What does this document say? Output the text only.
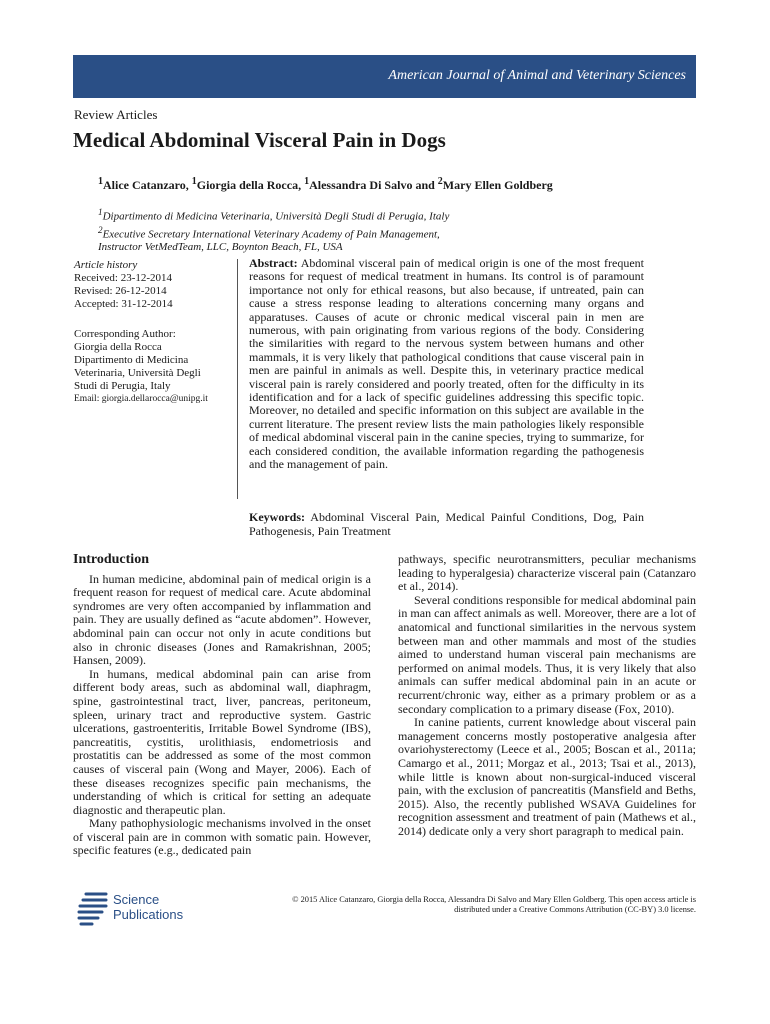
American Journal of Animal and Veterinary Sciences
Review Articles
Medical Abdominal Visceral Pain in Dogs
$^1$Alice Catanzaro, $^1$Giorgia della Rocca, $^1$Alessandra Di Salvo and $^2$Mary Ellen Goldberg
$^1$Dipartimento di Medicina Veterinaria, Università Degli Studi di Perugia, Italy
$^2$Executive Secretary International Veterinary Academy of Pain Management,
Instructor VetMedTeam, LLC, Boynton Beach, FL, USA
Article history
Received: 23-12-2014
Revised: 26-12-2014
Accepted: 31-12-2014
Corresponding Author:
Giorgia della Rocca
Dipartimento di Medicina
Veterinaria, Università Degli
Studi di Perugia, Italy
Email: giorgia.dellarocca@unipg.it

Abstract: Abdominal visceral pain of medical origin is one of the most frequent reasons for request of medical treatment in humans. Its control is of paramount importance not only for ethical reasons, but also because, if untreated, pain can cause a stress response leading to alterations concerning many organs and apparatuses. Causes of acute or chronic medical visceral pain in men are numerous, with pain originating from various regions of the body. Considering the similarities with regard to the nervous system between humans and other mammals, it is very likely that pathological conditions that cause visceral pain in men are painful in animals as well. Despite this, in veterinary practice medical visceral pain is rarely considered and poorly treated, often for the difficulty in its identification and for a lack of specific guidelines addressing this specific topic. Moreover, no detailed and specific information on this subject are available in the current literature. The present review lists the main pathologies likely responsible of medical abdominal visceral pain in the canine species, trying to summarize, for each considered condition, the available information regarding the pathogenesis and the management of pain.

Keywords: Abdominal Visceral Pain, Medical Painful Conditions, Dog, Pain Pathogenesis, Pain Treatment

Introduction

In human medicine, abdominal pain of medical origin is a frequent reason for request of medical care. Acute abdominal syndromes are very often accompanied by inflammation and pain. They are usually defined as “acute abdomen”. However, abdominal pain can occur not only in acute conditions but also in chronic diseases (Jones and Ramakrishnan, 2005; Hansen, 2009).

In humans, medical abdominal pain can arise from different body areas, such as abdominal wall, diaphragm, spine, gastrointestinal tract, liver, pancreas, peritoneum, spleen, urinary tract and reproductive system. Gastric ulcerations, gastroenteritis, Irritable Bowel Syndrome (IBS), pancreatitis, cystitis, urolithiasis, endometriosis and prostatitis can be addressed as some of the most common causes of visceral pain (Wong and Mayer, 2006). Each of these diseases recognizes specific pain mechanisms, the understanding of which is critical for setting an adequate diagnostic and therapeutic plan.

Many pathophysiologic mechanisms involved in the onset of visceral pain are in common with somatic pain. However, specific features (e.g., dedicated pain

pathways, specific neurotransmitters, peculiar mechanisms leading to hyperalgesia) characterize visceral pain (Catanzaro et al., 2014).

Several conditions responsible for medical abdominal pain in man can affect animals as well. Moreover, there are a lot of anatomical and functional similarities in the nervous system between man and other mammals and most of the studies aimed to understand human visceral pain mechanisms are performed on animal models. Thus, it is very likely that also animals can suffer medical abdominal pain in an acute or recurrent/chronic way, either as a primary problem or as a secondary complication to a primary disease (Fox, 2010).

In canine patients, current knowledge about visceral pain management concerns mostly postoperative analgesia after ovariohysterectomy (Leece et al., 2005; Boscan et al., 2011a; Camargo et al., 2011; Morgaz et al., 2013; Tsai et al., 2013), while little is known about non-surgical-induced visceral pain, with the exclusion of pancreatitis (Mansfield and Beths, 2015). Also, the recently published WSAVA Guidelines for recognition assessment and treatment of pain (Mathews et al., 2014) dedicate only a very short paragraph to medical pain.

Science
Publications
© 2015 Alice Catanzaro, Giorgia della Rocca, Alessandra Di Salvo and Mary Ellen Goldberg. This open access article is
distributed under a Creative Commons Attribution (CC-BY) 3.0 license.
